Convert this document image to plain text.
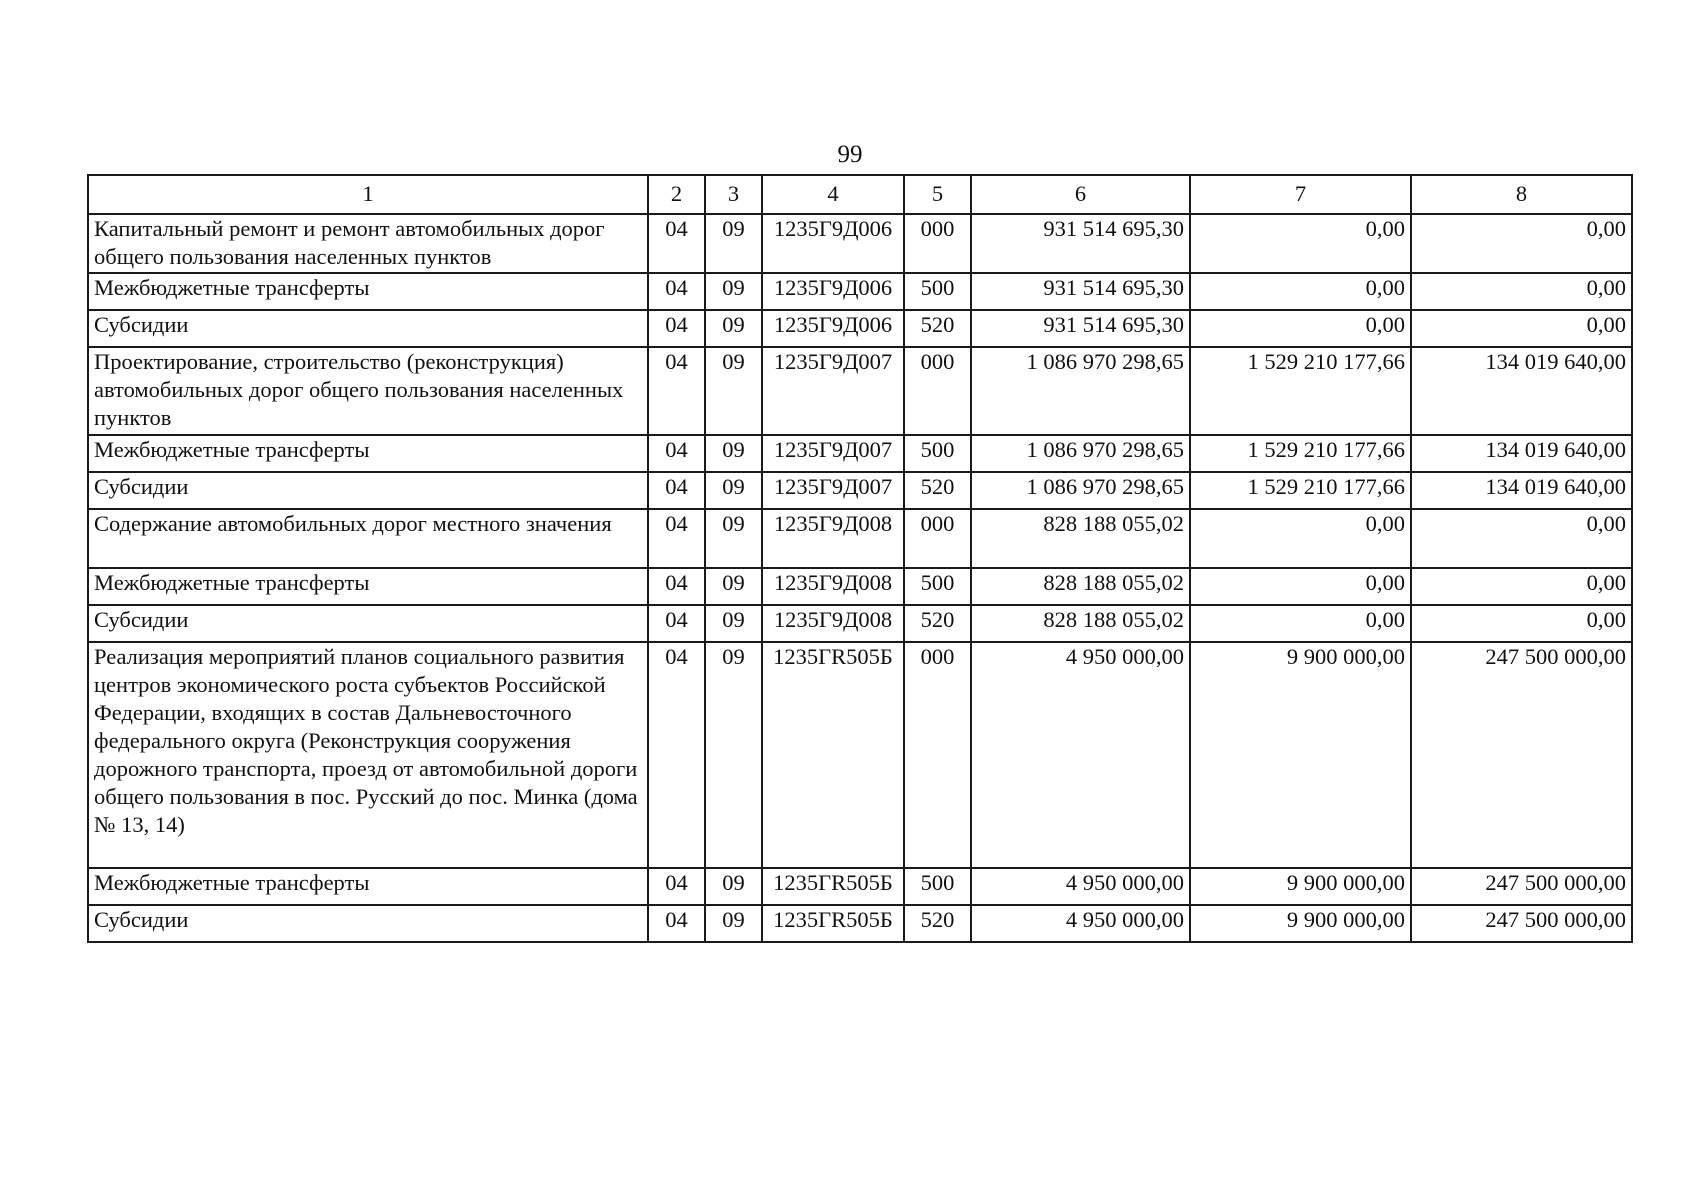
99
1	2	3	4	5	6	7	8
Капитальный ремонт и ремонт автомобильных дорог общего пользования населенных пунктов	04	09	1235Г9Д006	000	931 514 695,30	0,00	0,00
Межбюджетные трансферты	04	09	1235Г9Д006	500	931 514 695,30	0,00	0,00
Субсидии	04	09	1235Г9Д006	520	931 514 695,30	0,00	0,00
Проектирование, строительство (реконструкция) автомобильных дорог общего пользования населенных пунктов	04	09	1235Г9Д007	000	1 086 970 298,65	1 529 210 177,66	134 019 640,00
Межбюджетные трансферты	04	09	1235Г9Д007	500	1 086 970 298,65	1 529 210 177,66	134 019 640,00
Субсидии	04	09	1235Г9Д007	520	1 086 970 298,65	1 529 210 177,66	134 019 640,00
Содержание автомобильных дорог местного значения	04	09	1235Г9Д008	000	828 188 055,02	0,00	0,00
Межбюджетные трансферты	04	09	1235Г9Д008	500	828 188 055,02	0,00	0,00
Субсидии	04	09	1235Г9Д008	520	828 188 055,02	0,00	0,00
Реализация мероприятий планов социального развития центров экономического роста субъектов Российской Федерации, входящих в состав Дальневосточного федерального округа (Реконструкция сооружения дорожного транспорта, проезд от автомобильной дороги общего пользования в пос. Русский до пос. Минка (дома № 13, 14)	04	09	1235ГR505Б	000	4 950 000,00	9 900 000,00	247 500 000,00
Межбюджетные трансферты	04	09	1235ГR505Б	500	4 950 000,00	9 900 000,00	247 500 000,00
Субсидии	04	09	1235ГR505Б	520	4 950 000,00	9 900 000,00	247 500 000,00
